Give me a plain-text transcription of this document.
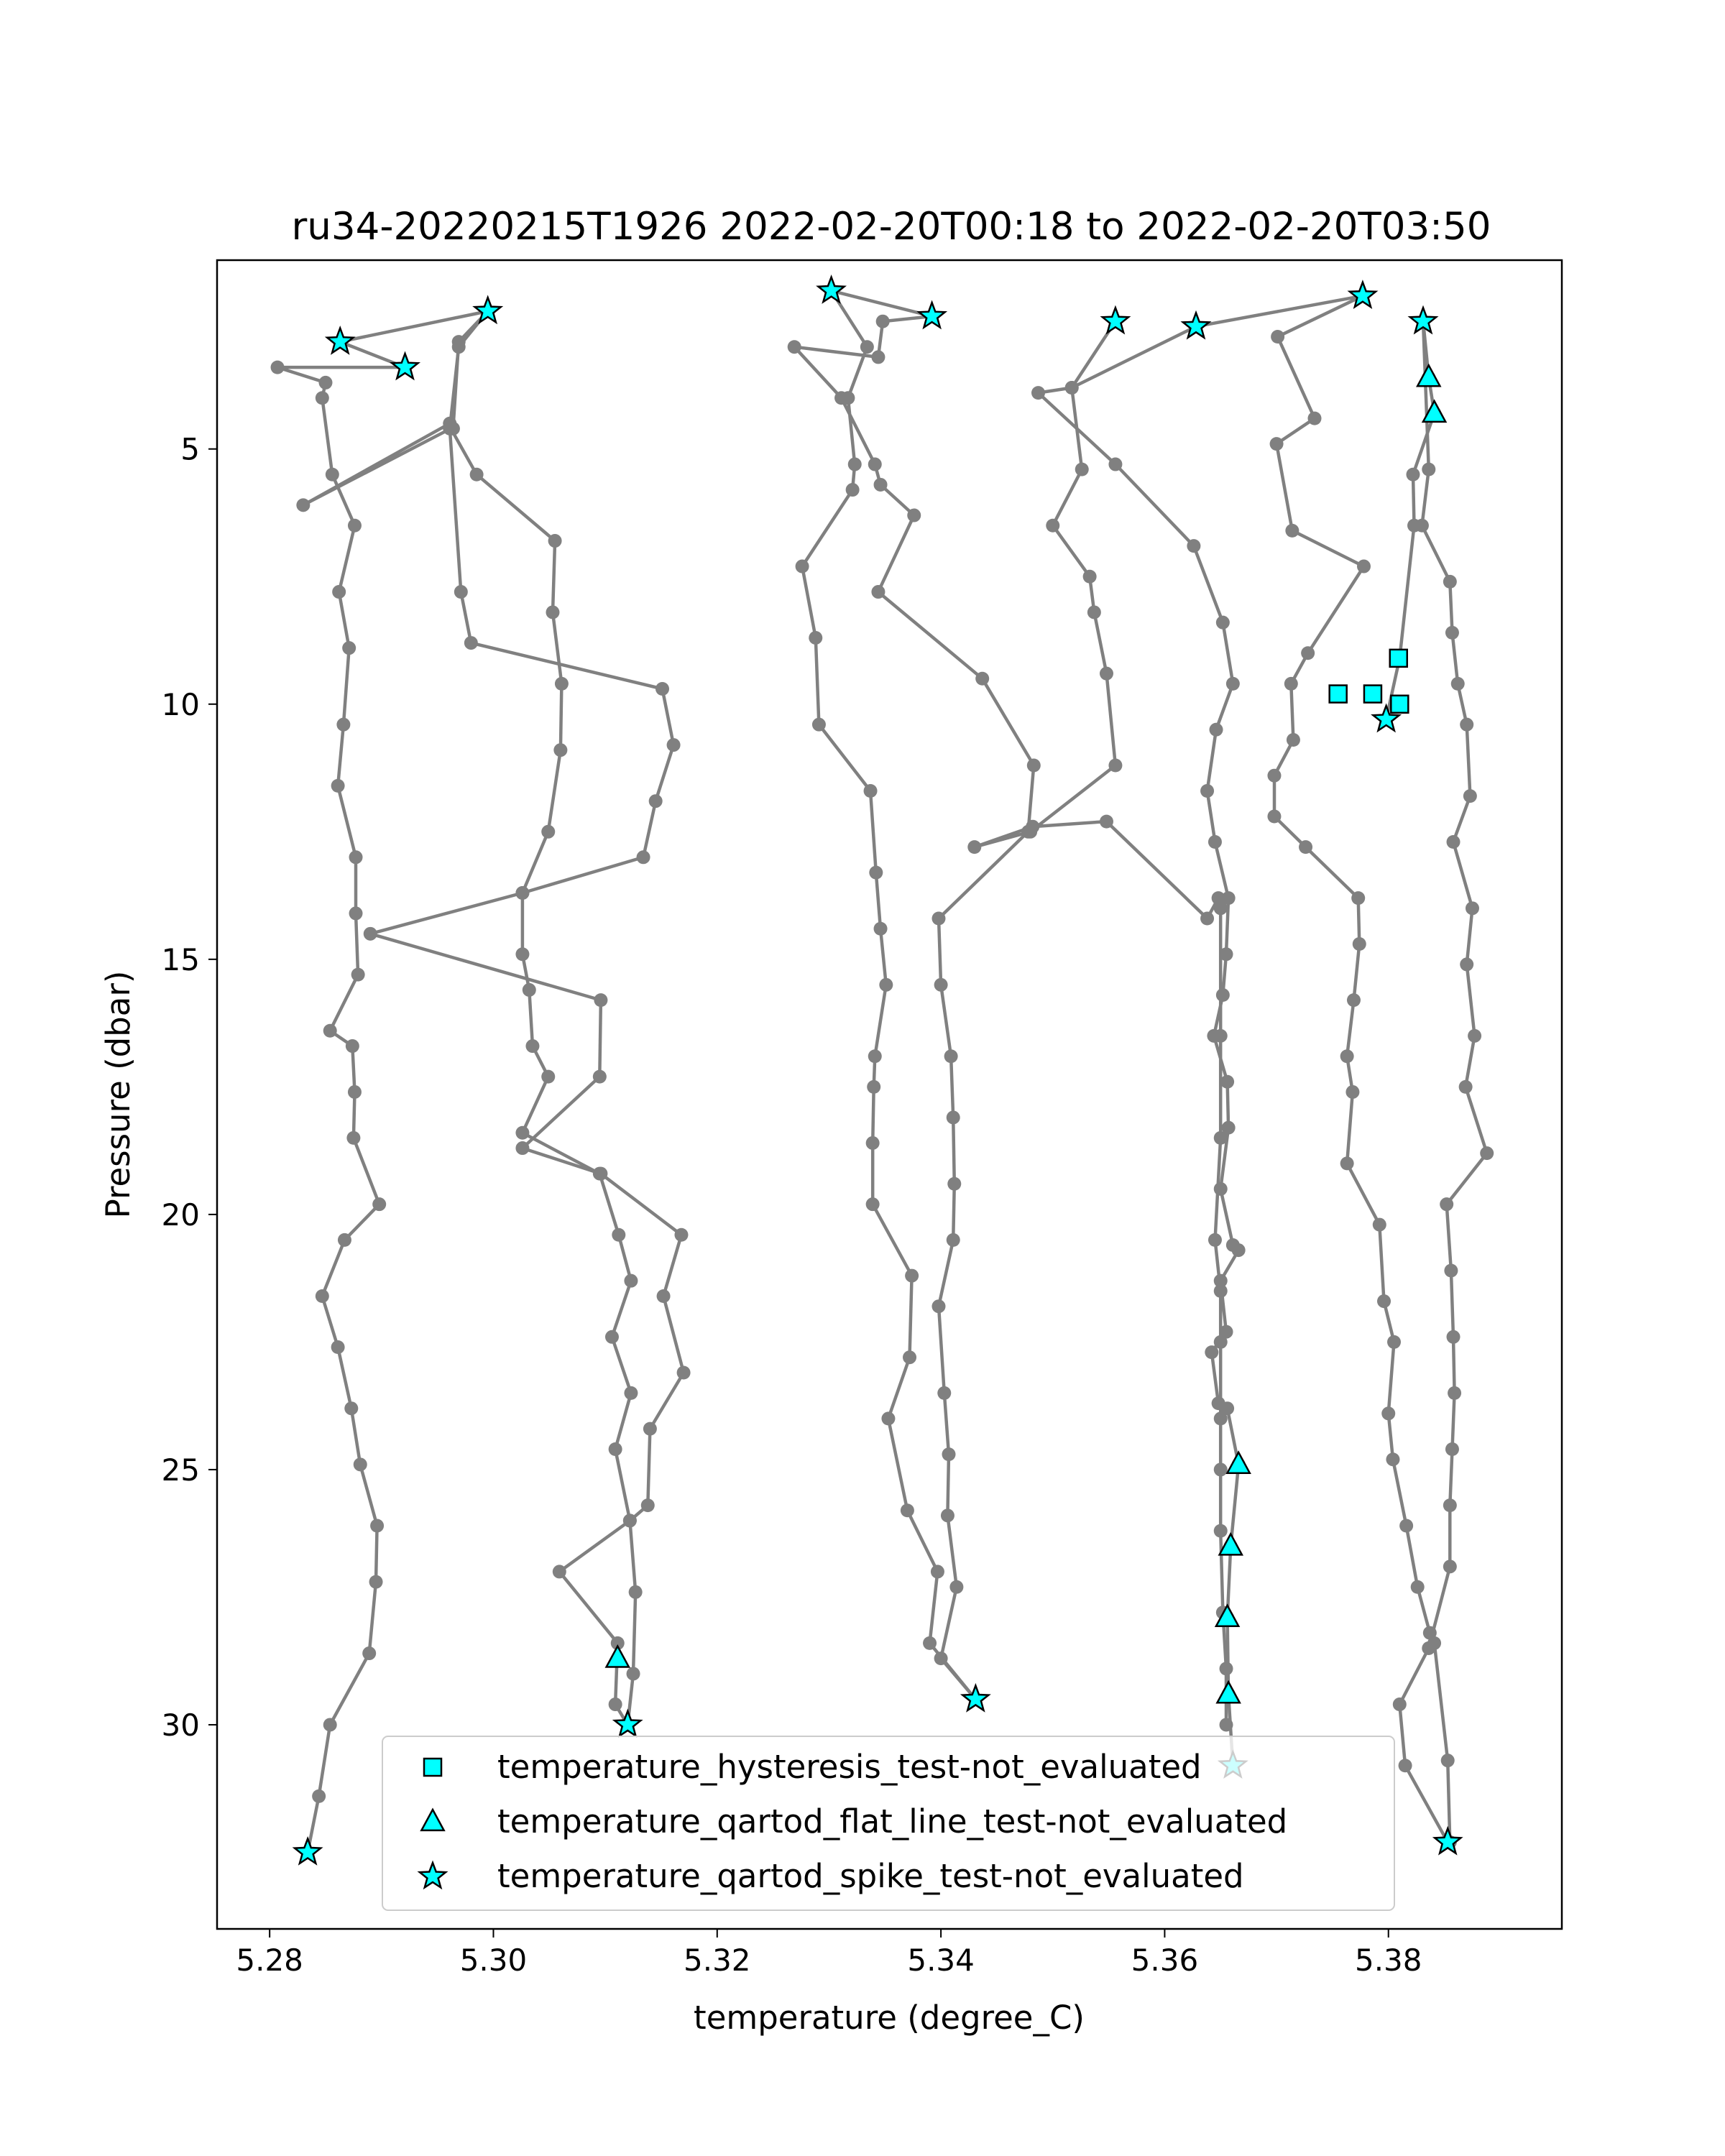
ru34-20220215T1926 2022-02-20T00:18 to 2022-02-20T03:50
5.28	5.30	5.32	5.34	5.36	5.38
5
10
15
20
25
30
temperature (degree_C)
Pressure (dbar)
temperature_hysteresis_test-not_evaluated
temperature_qartod_flat_line_test-not_evaluated
temperature_qartod_spike_test-not_evaluated
